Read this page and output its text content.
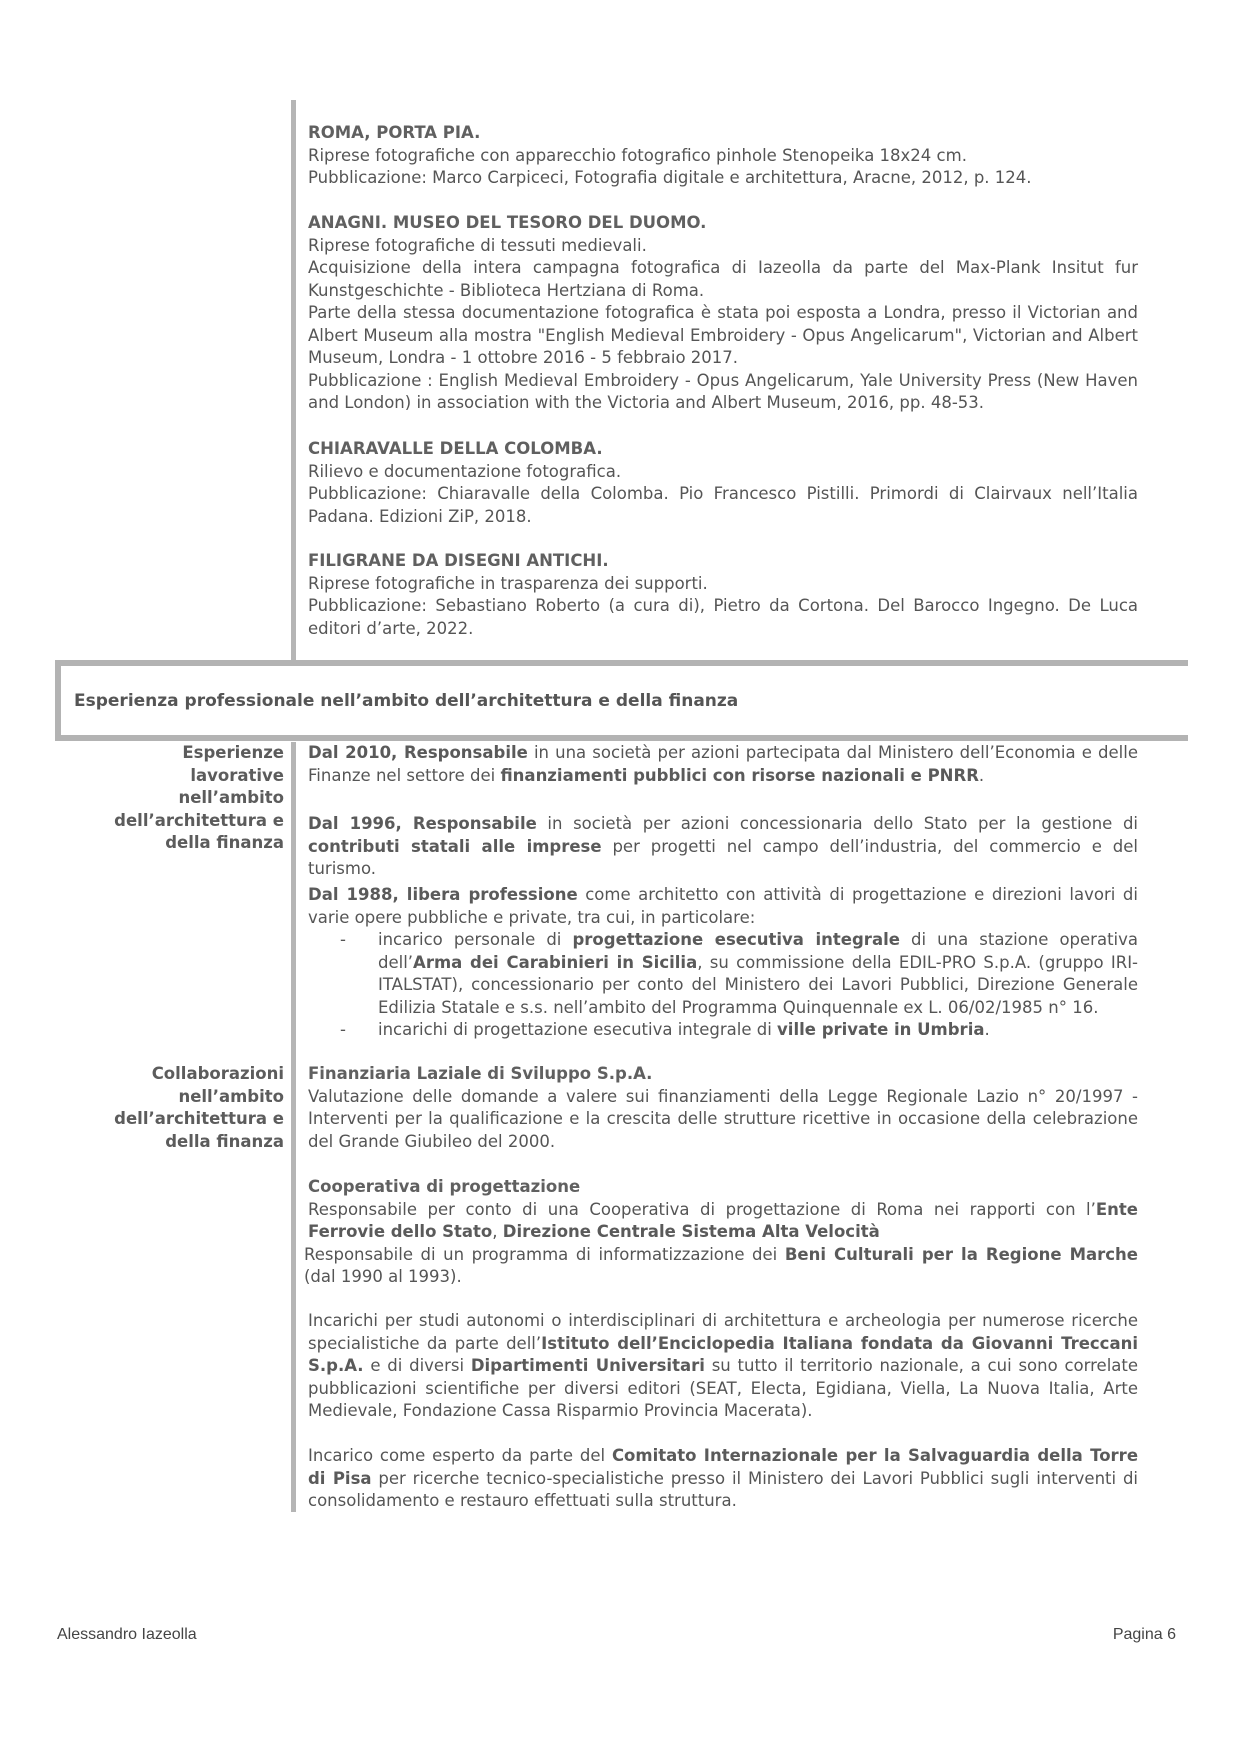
ROMA, PORTA PIA.
Riprese fotografiche con apparecchio fotografico pinhole Stenopeika 18x24 cm.
Pubblicazione: Marco Carpiceci, Fotografia digitale e architettura, Aracne, 2012, p. 124.
ANAGNI. MUSEO DEL TESORO DEL DUOMO.
Riprese fotografiche di tessuti medievali.
Acquisizione della intera campagna fotografica di Iazeolla da parte del Max-Plank Insitut fur Kunstgeschichte - Biblioteca Hertziana di Roma.
Parte della stessa documentazione fotografica è stata poi esposta a Londra, presso il Victorian and Albert Museum alla mostra "English Medieval Embroidery - Opus Angelicarum", Victorian and Albert Museum, Londra - 1 ottobre 2016 - 5 febbraio 2017.
Pubblicazione : English Medieval Embroidery - Opus Angelicarum, Yale University Press (New Haven and London) in association with the Victoria and Albert Museum, 2016, pp. 48-53.
CHIARAVALLE DELLA COLOMBA.
Rilievo e documentazione fotografica.
Pubblicazione: Chiaravalle della Colomba. Pio Francesco Pistilli. Primordi di Clairvaux nell’Italia Padana. Edizioni ZiP, 2018.
FILIGRANE DA DISEGNI ANTICHI.
Riprese fotografiche in trasparenza dei supporti.
Pubblicazione: Sebastiano Roberto (a cura di), Pietro da Cortona. Del Barocco Ingegno. De Luca editori d’arte, 2022.
Esperienza professionale nell’ambito dell’architettura e della finanza
Esperienze lavorative nell’ambito dell’architettura e della finanza
Collaborazioni nell’ambito dell’architettura e della finanza
Dal 2010, Responsabile in una società per azioni partecipata dal Ministero dell’Economia e delle Finanze nel settore dei finanziamenti pubblici con risorse nazionali e PNRR.
Dal 1996, Responsabile in società per azioni concessionaria dello Stato per la gestione di contributi statali alle imprese per progetti nel campo dell’industria, del commercio e del turismo.
Dal 1988, libera professione come architetto con attività di progettazione e direzioni lavori di varie opere pubbliche e private, tra cui, in particolare:
- incarico personale di progettazione esecutiva integrale di una stazione operativa dell’Arma dei Carabinieri in Sicilia, su commissione della EDIL-PRO S.p.A. (gruppo IRI-ITALSTAT), concessionario per conto del Ministero dei Lavori Pubblici, Direzione Generale Edilizia Statale e s.s. nell’ambito del Programma Quinquennale ex L. 06/02/1985 n° 16.
- incarichi di progettazione esecutiva integrale di ville private in Umbria.
Finanziaria Laziale di Sviluppo S.p.A.
Valutazione delle domande a valere sui finanziamenti della Legge Regionale Lazio n° 20/1997 - Interventi per la qualificazione e la crescita delle strutture ricettive in occasione della celebrazione del Grande Giubileo del 2000.
Cooperativa di progettazione
Responsabile per conto di una Cooperativa di progettazione di Roma nei rapporti con l’Ente Ferrovie dello Stato, Direzione Centrale Sistema Alta Velocità
Responsabile di un programma di informatizzazione dei Beni Culturali per la Regione Marche (dal 1990 al 1993).
Incarichi per studi autonomi o interdisciplinari di architettura e archeologia per numerose ricerche specialistiche da parte dell’Istituto dell’Enciclopedia Italiana fondata da Giovanni Treccani S.p.A. e di diversi Dipartimenti Universitari su tutto il territorio nazionale, a cui sono correlate pubblicazioni scientifiche per diversi editori (SEAT, Electa, Egidiana, Viella, La Nuova Italia, Arte Medievale, Fondazione Cassa Risparmio Provincia Macerata).
Incarico come esperto da parte del Comitato Internazionale per la Salvaguardia della Torre di Pisa per ricerche tecnico-specialistiche presso il Ministero dei Lavori Pubblici sugli interventi di consolidamento e restauro effettuati sulla struttura.
Alessandro Iazeolla	Pagina 6
